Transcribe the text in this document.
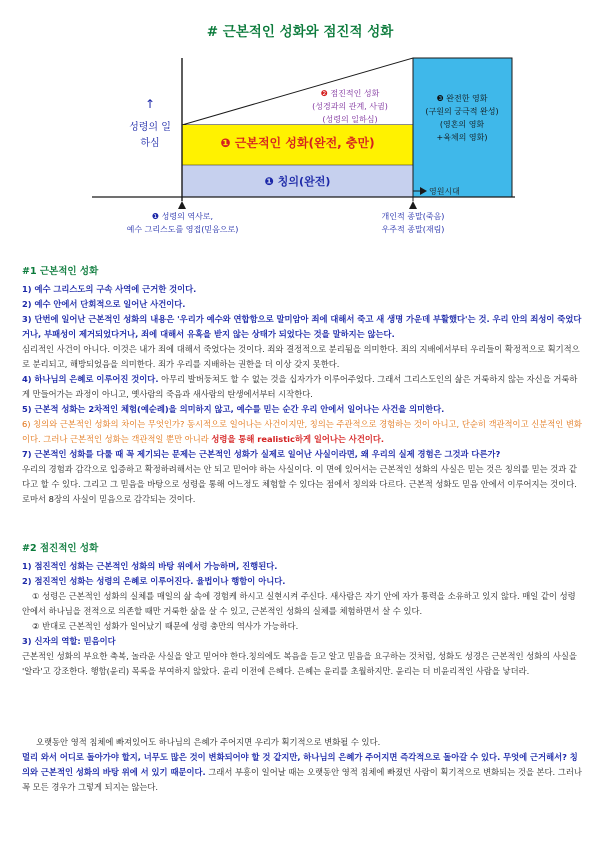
# 근본적인 성화와 점진적 성화
↑
성령의 일하심
❷ 점진적인 성화
(성경과의 관계, 사귐)
(성령의 일하심)
❶ 근본적인 성화(완전, 충만)
❶ 칭의(완전)
❸ 완전한 영화
(구원의 궁극적 완성)
(영혼의 영화
+육체의 영화)
영원시대
❶ 성령의 역사로,
예수 그리스도를 영접(믿음으로)
개인적 종말(죽음)
우주적 종말(재림)
#1 근본적인 성화
1) 예수 그리스도의 구속 사역에 근거한 것이다.
2) 예수 안에서 단회적으로 일어난 사건이다.
3) 단번에 일어난 근본적인 성화의 내용은 '우리가 예수와 연합함으로 말미암아 죄에 대해서 죽고 새 생명 가운데 부활했다'는 것. 우리 안의 죄성이 죽었다거나, 부패성이 제거되었다거나, 죄에 대해서 유혹을 받지 않는 상태가 되었다는 것을 말하지는 않는다.
심리적인 사건이 아니다. 이것은 내가 죄에 대해서 죽었다는 것이다. 죄와 결정적으로 분리됨을 의미한다. 죄의 지배에서부터 우리들이 확정적으로 획기적으로 분리되고, 해방되었음을 의미한다. 죄가 우리를 지배하는 권한을 더 이상 갖지 못한다.
4) 하나님의 은혜로 이루어진 것이다. 아무리 발버둥쳐도 할 수 없는 것을 십자가가 이루어주었다. 그래서 그리스도인의 삶은 거룩하지 않는 자신을 거룩하게 만들어가는 과정이 아니고, 옛사람의 죽음과 새사람의 탄생에서부터 시작한다.
5) 근본적 성화는 2차적인 체험(예순례)을 의미하지 않고, 예수를 믿는 순간 우리 안에서 일어나는 사건을 의미한다.
6) 칭의와 근본적인 성화의 차이는 무엇인가? 동시적으로 일어나는 사건이지만, 칭의는 주관적으로 경험하는 것이 아니고, 단순히 객관적이고 신분적인 변화이다. 그러나 근본적인 성화는 객관적일 뿐만 아니라 성령을 통해 realistic하게 일어나는 사건이다.
7) 근본적인 성화를 다룰 때 꼭 제기되는 문제는 근본적인 성화가 실제로 일어난 사실이라면, 왜 우리의 실제 경험은 그것과 다른가?
우리의 경험과 감각으로 입증하고 확정하려해서는 안 되고 믿어야 하는 사실이다. 이 면에 있어서는 근본적인 성화의 사실은 믿는 것은 칭의를 믿는 것과 같다고 할 수 있다. 그리고 그 믿음을 바탕으로 성령을 통해 어느정도 체험할 수 있다는 점에서 칭의와 다르다. 근본적 성화도 믿음 안에서 이루어지는 것이다. 로마서 8장의 사실이 믿음으로 감각되는 것이다.
#2 점진적인 성화
1) 점진적인 성화는 근본적인 성화의 바탕 위에서 가능하며, 진행된다.
2) 점진적인 성화는 성령의 은혜로 이루어진다. 율법이나 행함이 아니다.
① 성령은 근본적인 성화의 실체를 매일의 삶 속에 경험케 하시고 실현시켜 주신다. 새사람은 자기 안에 자가 통력을 소유하고 있지 않다. 매일 같이 성령 안에서 하나님을 전적으로 의존할 때만 거룩한 삶을 살 수 있고, 근본적인 성화의 실체를 체험하면서 살 수 있다.
② 반대로 근본적인 성화가 일어났기 때문에 성령 충만의 역사가 가능하다.
3) 신자의 역할: 믿음이다
근본적인 성화의 부요한 축복, 놀라운 사실을 알고 믿어야 한다.칭의에도 복음을 듣고 알고 믿음을 요구하는 것처럼, 성화도 성경은 근본적인 성화의 사실을 '알라'고 강조한다. 행함(윤리) 목록을 부여하지 않았다. 윤리 이전에 은혜다. 은혜는 윤리를 초월하지만. 윤리는 더 비윤리적인 사람을 낳더라.
오랫동안 영적 침체에 빠져있어도 하나님의 은혜가 주어지면 우리가 획기적으로 변화될 수 있다.
멀리 와서 어디로 돌아가야 할지, 너무도 많은 것이 변화되어야 할 것 같지만, 하나님의 은혜가 주어지면 즉각적으로 돌아갈 수 있다. 무엇에 근거해서? 칭의와 근본적인 성화의 바탕 위에 서 있기 때문이다. 그래서 부흥이 일어날 때는 오랫동안 영적 침체에 빠졌던 사람이 획기적으로 변화되는 것을 본다. 그러나 꼭 모든 경우가 그렇게 되지는 않는다.
